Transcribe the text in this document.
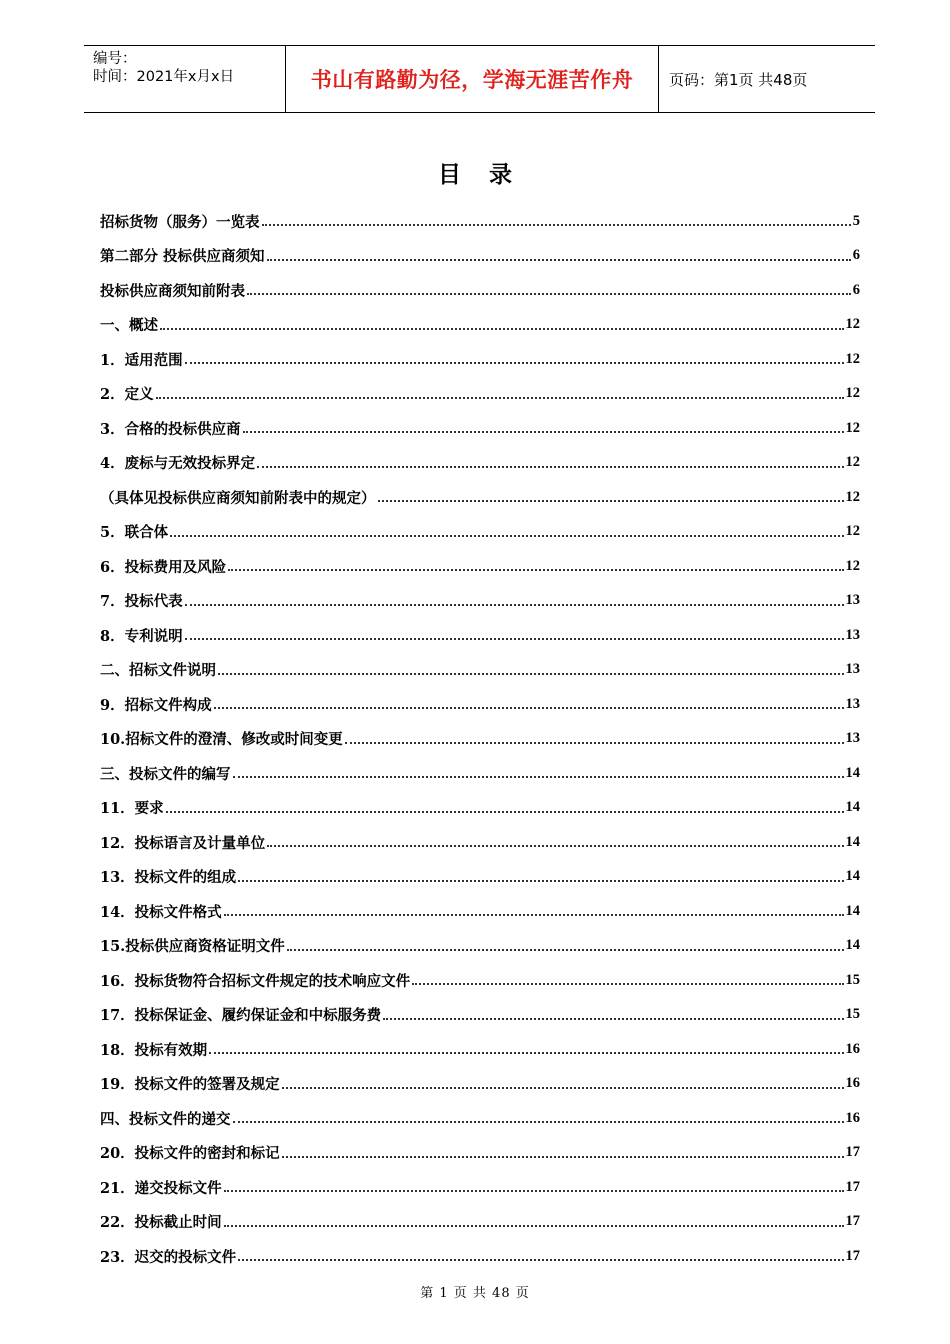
编号：
时间：2021年x月x日	书山有路勤为径，学海无涯苦作舟	页码：第1页 共48页
目录
招标货物（服务）一览表	5
第二部分 投标供应商须知	6
投标供应商须知前附表	6
一、概述	12
1．适用范围	12
2．定义	12
3．合格的投标供应商	12
4．废标与无效投标界定	12
（具体见投标供应商须知前附表中的规定）	12
5．联合体	12
6．投标费用及风险	12
7．投标代表	13
8．专利说明	13
二、招标文件说明	13
9．招标文件构成	13
10.招标文件的澄清、修改或时间变更	13
三、投标文件的编写	14
11．要求	14
12．投标语言及计量单位	14
13．投标文件的组成	14
14．投标文件格式	14
15.投标供应商资格证明文件	14
16．投标货物符合招标文件规定的技术响应文件	15
17．投标保证金、履约保证金和中标服务费	15
18．投标有效期	16
19．投标文件的签署及规定	16
四、投标文件的递交	16
20．投标文件的密封和标记	17
21．递交投标文件	17
22．投标截止时间	17
23．迟交的投标文件	17
第 1 页 共 48 页
